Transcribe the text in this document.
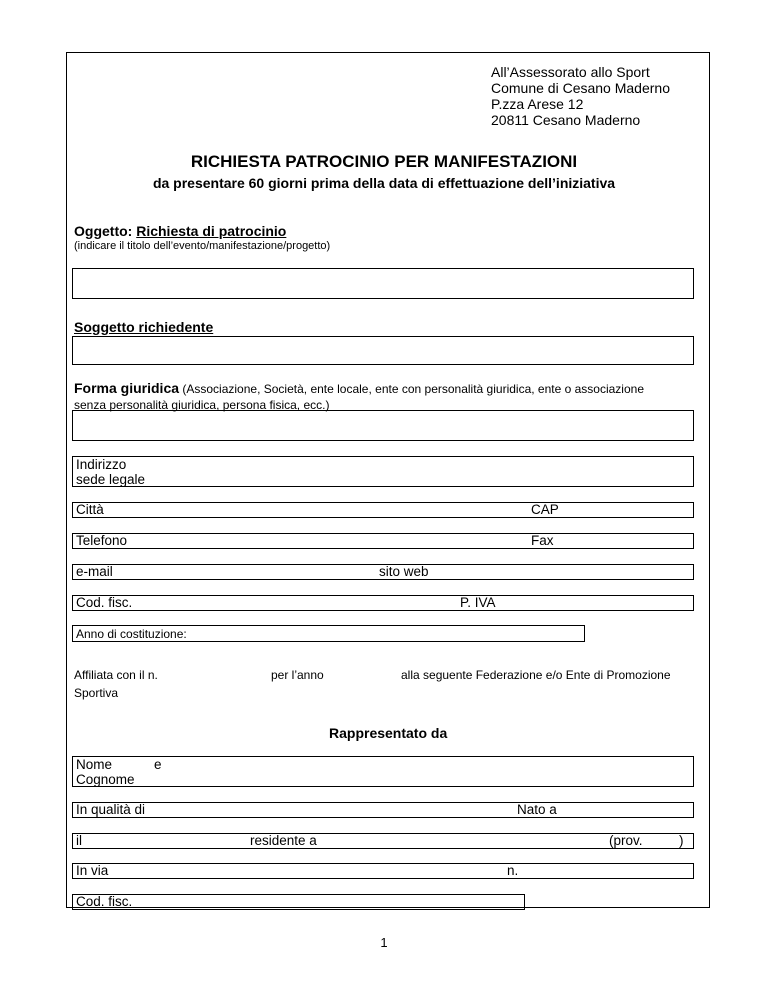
All’Assessorato allo Sport
Comune di Cesano Maderno
P.zza Arese 12
20811 Cesano Maderno
RICHIESTA PATROCINIO PER MANIFESTAZIONI
da presentare 60 giorni prima della data di effettuazione dell’iniziativa
Oggetto: Richiesta di patrocinio
(indicare il titolo dell’evento/manifestazione/progetto)
Soggetto richiedente
Forma giuridica (Associazione, Società, ente locale, ente con personalità giuridica, ente o associazione
senza personalità giuridica, persona fisica, ecc.)
Indirizzo
sede legale
Città	CAP
Telefono	Fax
e-mail	sito web
Cod. fisc.	P. IVA
Anno di costituzione:
Affiliata con il n.	per l’anno	alla seguente Federazione e/o Ente di Promozione
Sportiva
Rappresentato da
Nome	e
Cognome
In qualità di	Nato a
il	residente a	(prov.	)
In via	n.
Cod. fisc.
1
